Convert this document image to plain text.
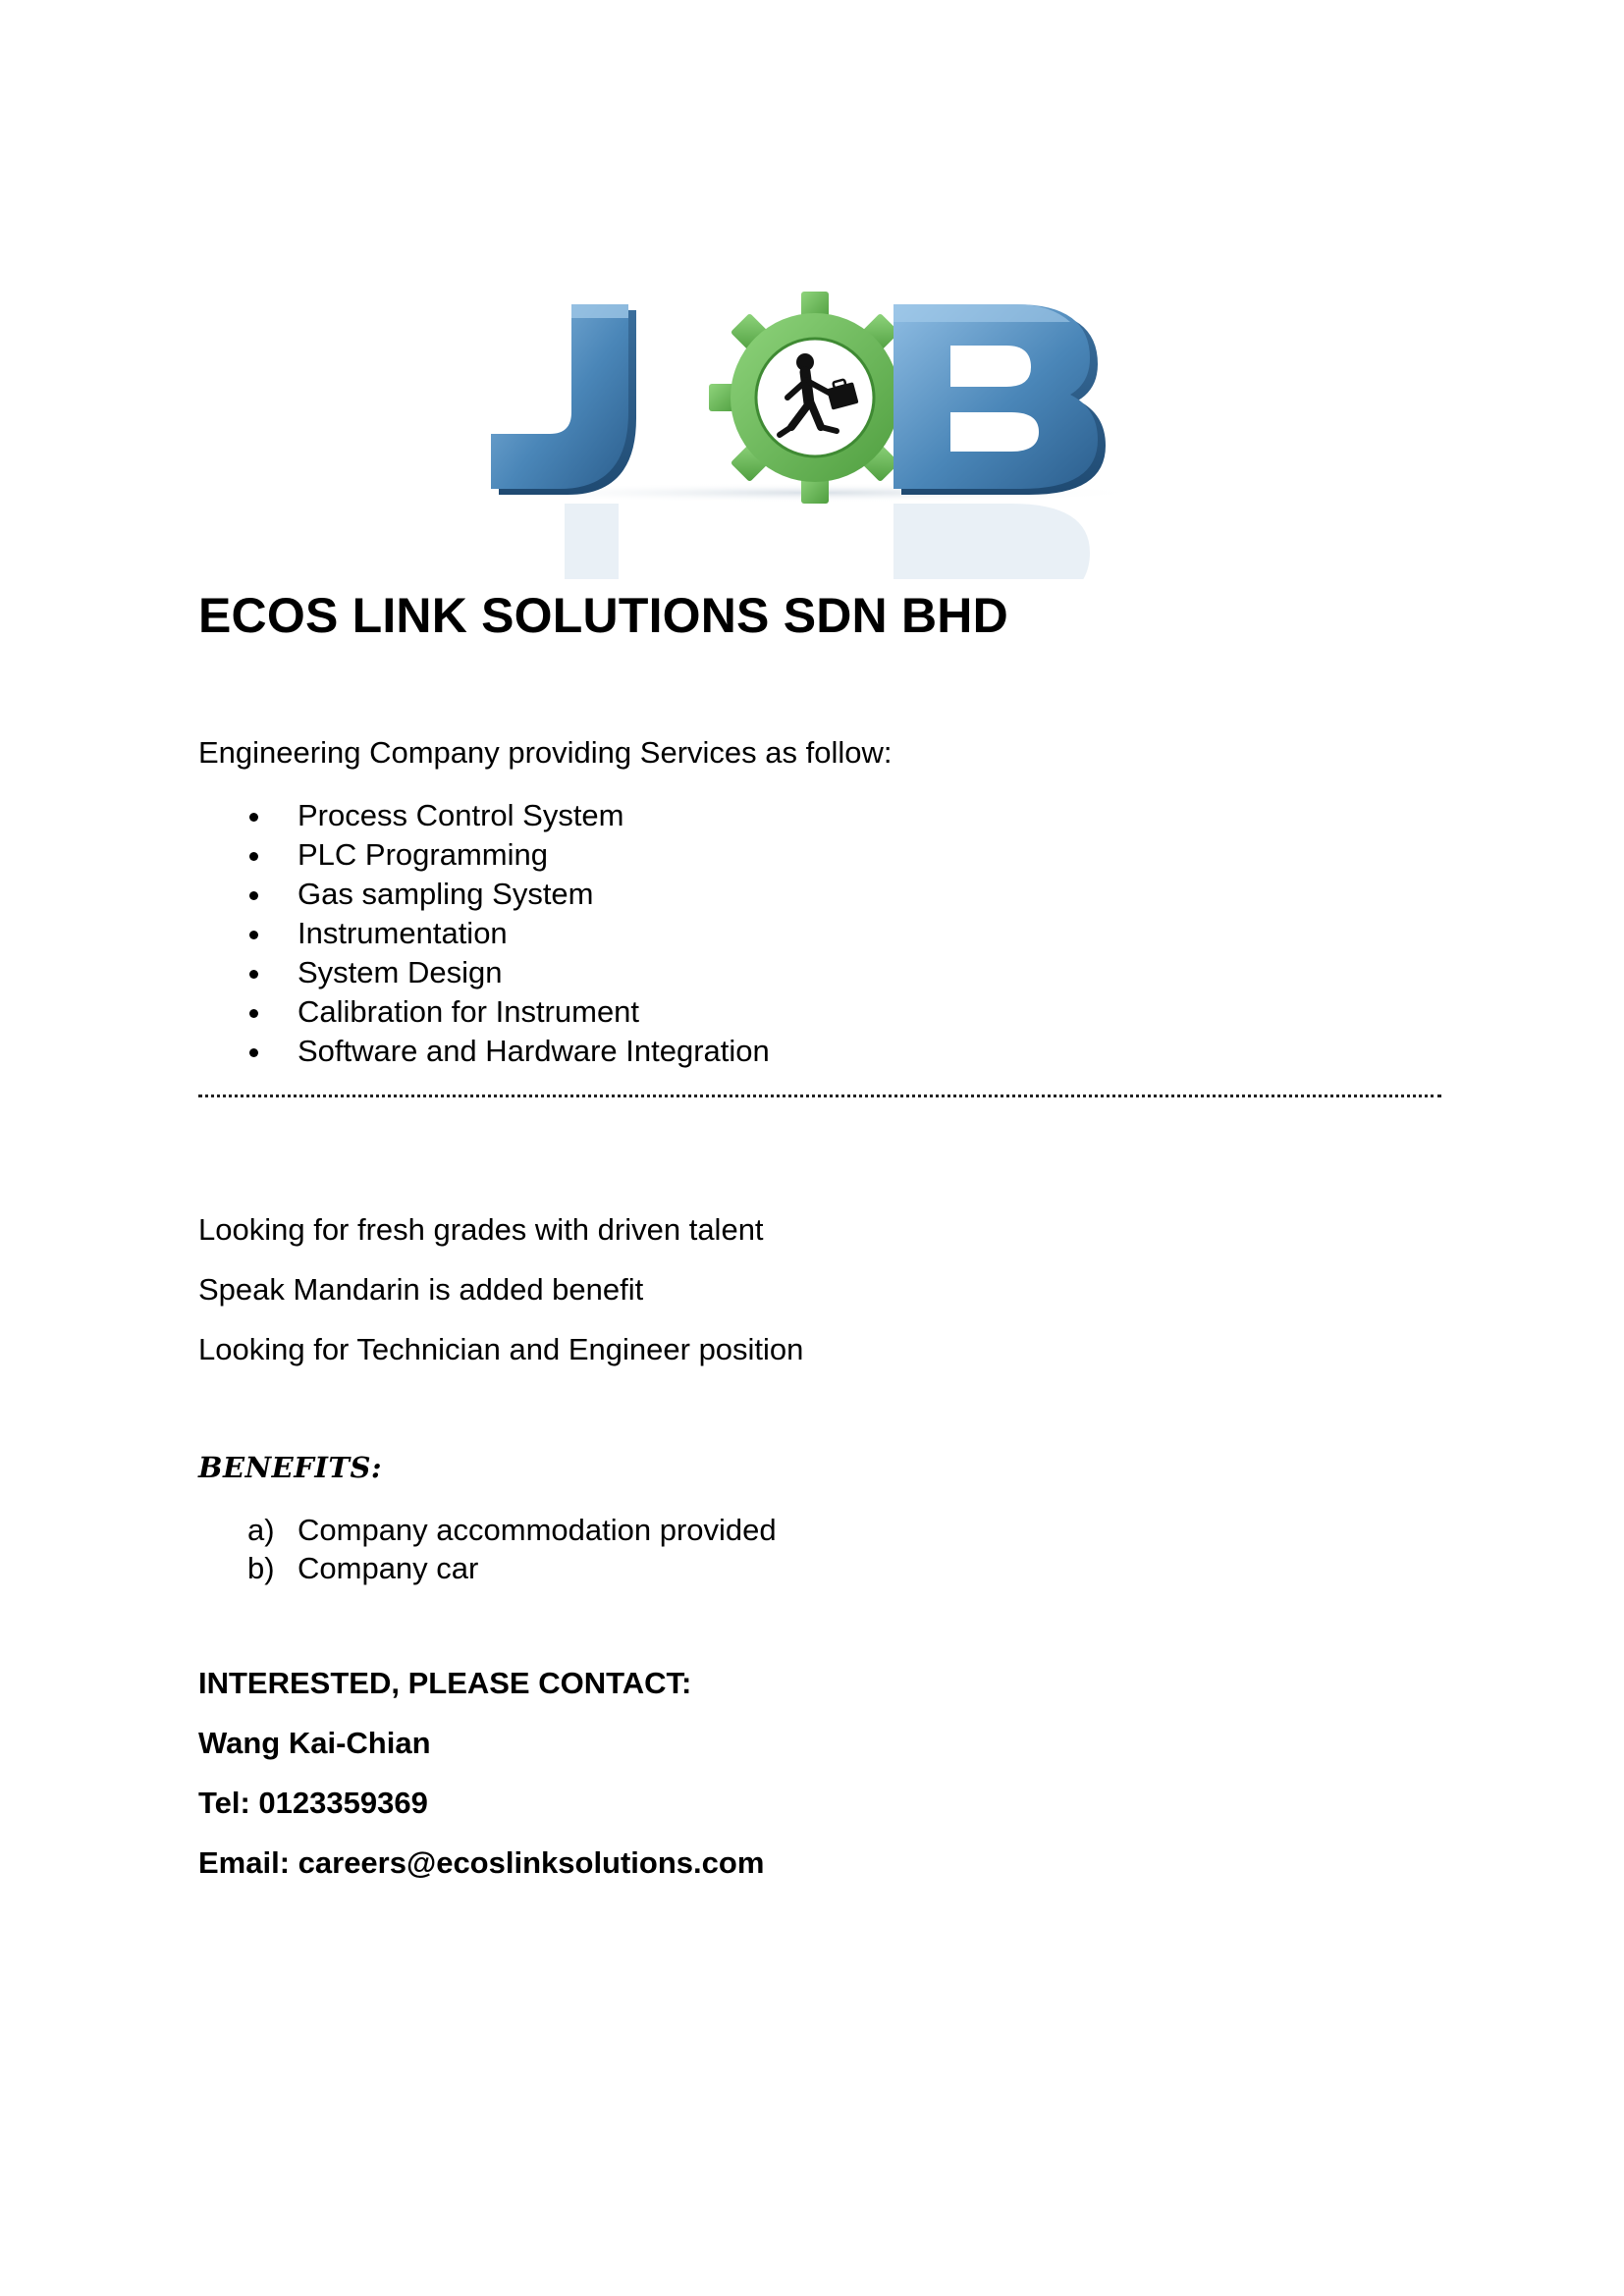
ECOS LINK SOLUTIONS SDN BHD
Engineering Company providing Services as follow:
Process Control System
PLC Programming
Gas sampling System
Instrumentation
System Design
Calibration for Instrument
Software and Hardware Integration
Looking for fresh grades with driven talent
Speak Mandarin is added benefit
Looking for Technician and Engineer position
BENEFITS:
a) Company accommodation provided
b) Company car
INTERESTED, PLEASE CONTACT:
Wang Kai-Chian
Tel: 0123359369
Email: careers@ecoslinksolutions.com
